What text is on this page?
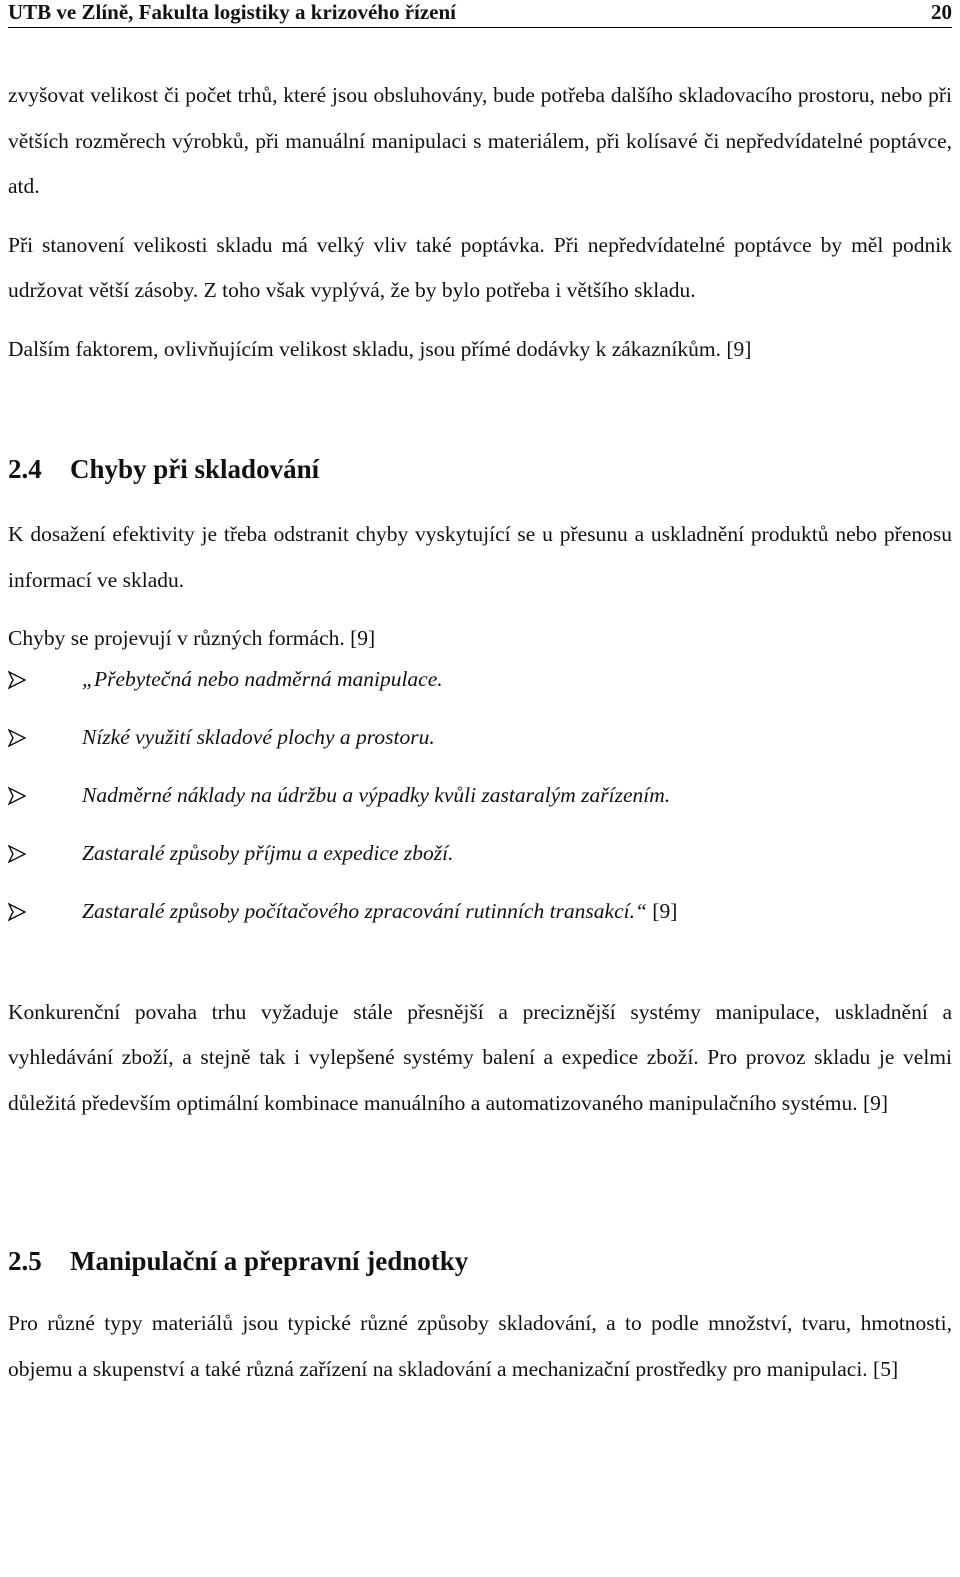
UTB ve Zlíně, Fakulta logistiky a krizového řízení	20

zvyšovat velikost či počet trhů, které jsou obsluhovány, bude potřeba dalšího skladovacího prostoru, nebo při větších rozměrech výrobků, při manuální manipulaci s materiálem, při kolísavé či nepředvídatelné poptávce, atd.

Při stanovení velikosti skladu má velký vliv také poptávka. Při nepředvídatelné poptávce by měl podnik udržovat větší zásoby. Z toho však vyplývá, že by bylo potřeba i většího skladu.

Dalším faktorem, ovlivňujícím velikost skladu, jsou přímé dodávky k zákazníkům. [9]

2.4 Chyby při skladování

K dosažení efektivity je třeba odstranit chyby vyskytující se u přesunu a uskladnění produktů nebo přenosu informací ve skladu.

Chyby se projevují v různých formách. [9]

„Přebytečná nebo nadměrná manipulace.
Nízké využití skladové plochy a prostoru.
Nadměrné náklady na údržbu a výpadky kvůli zastaralým zařízením.
Zastaralé způsoby příjmu a expedice zboží.
Zastaralé způsoby počítačového zpracování rutinních transakcí.“ [9]

Konkurenční povaha trhu vyžaduje stále přesnější a preciznější systémy manipulace, uskladnění a vyhledávání zboží, a stejně tak i vylepšené systémy balení a expedice zboží. Pro provoz skladu je velmi důležitá především optimální kombinace manuálního a automatizovaného manipulačního systému. [9]

2.5 Manipulační a přepravní jednotky

Pro různé typy materiálů jsou typické různé způsoby skladování, a to podle množství, tvaru, hmotnosti, objemu a skupenství a také různá zařízení na skladování a mechanizační prostředky pro manipulaci. [5]
